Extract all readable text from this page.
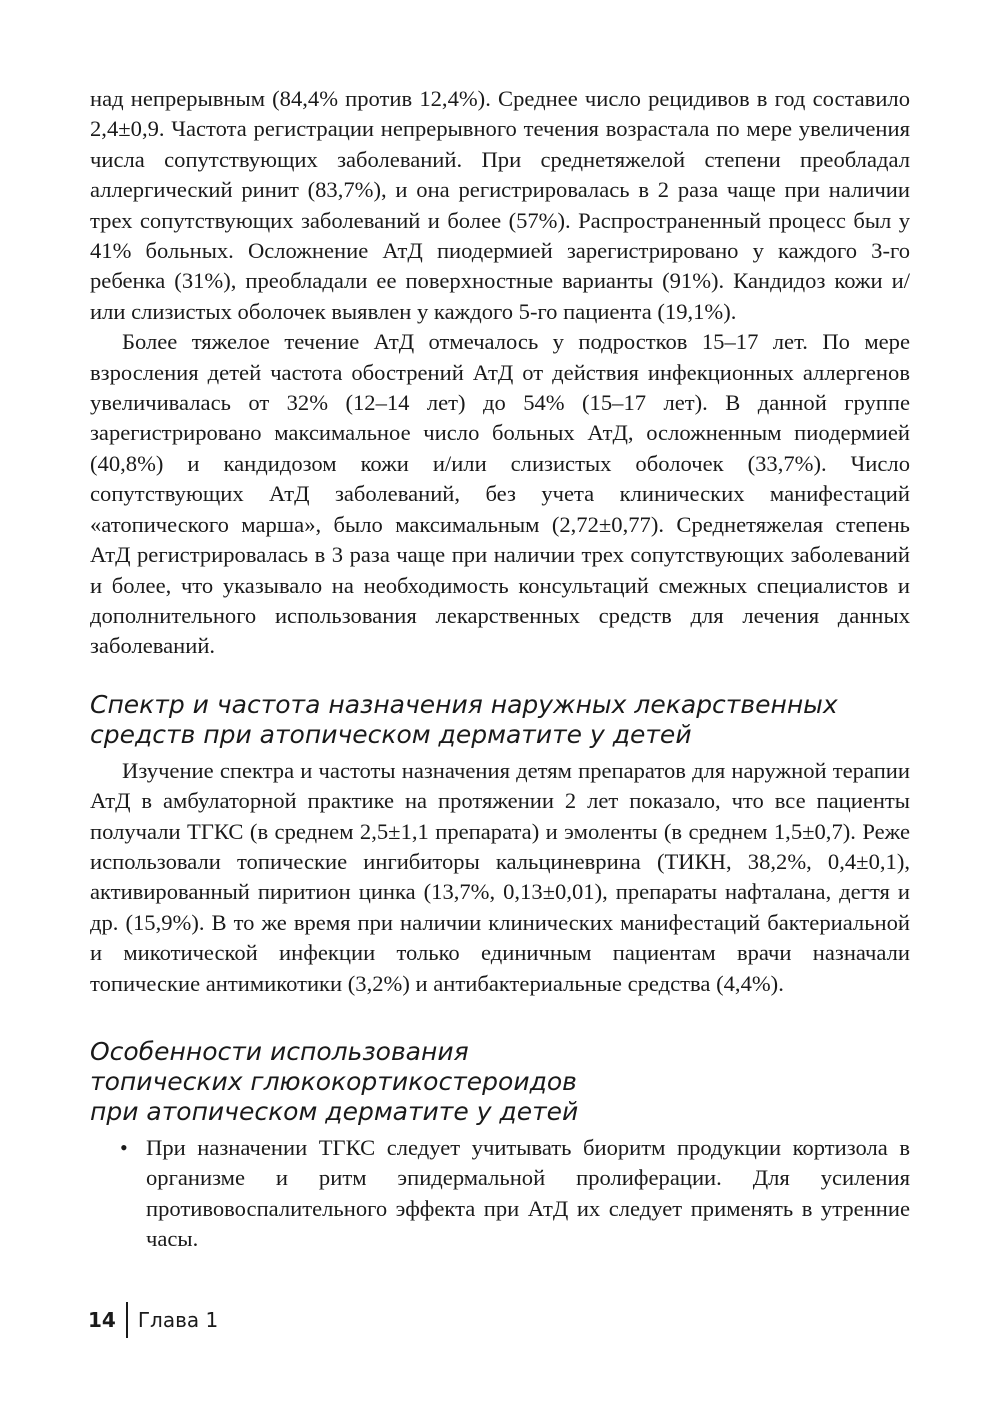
над непрерывным (84,4% против 12,4%). Среднее число рецидивов в год составило 2,4±0,9. Частота регистрации непрерывного течения возрастала по мере увеличения числа сопутствующих заболеваний. При среднетяжелой степени преобладал аллергический ринит (83,7%), и она регистрировалась в 2 раза чаще при наличии трех сопутствующих заболеваний и более (57%). Распространенный процесс был у 41% больных. Осложнение АтД пиодермией зарегистрировано у каждого 3-го ребенка (31%), преобладали ее поверхностные варианты (91%). Кандидоз кожи и/или слизистых оболочек выявлен у каждого 5-го пациента (19,1%).

Более тяжелое течение АтД отмечалось у подростков 15–17 лет. По мере взросления детей частота обострений АтД от действия инфекционных аллергенов увеличивалась от 32% (12–14 лет) до 54% (15–17 лет). В данной группе зарегистрировано максимальное число больных АтД, осложненным пиодермией (40,8%) и кандидозом кожи и/или слизистых оболочек (33,7%). Число сопутствующих АтД заболеваний, без учета клинических манифестаций «атопического марша», было максимальным (2,72±0,77). Среднетяжелая степень АтД регистрировалась в 3 раза чаще при наличии трех сопутствующих заболеваний и более, что указывало на необходимость консультаций смежных специалистов и дополнительного использования лекарственных средств для лечения данных заболеваний.

Спектр и частота назначения наружных лекарственных средств при атопическом дерматите у детей

Изучение спектра и частоты назначения детям препаратов для наружной терапии АтД в амбулаторной практике на протяжении 2 лет показало, что все пациенты получали ТГКС (в среднем 2,5±1,1 препарата) и эмоленты (в среднем 1,5±0,7). Реже использовали топические ингибиторы кальциневрина (ТИКН, 38,2%, 0,4±0,1), активированный пиритион цинка (13,7%, 0,13±0,01), препараты нафталана, дегтя и др. (15,9%). В то же время при наличии клинических манифестаций бактериальной и микотической инфекции только единичным пациентам врачи назначали топические антимикотики (3,2%) и антибактериальные средства (4,4%).

Особенности использования
топических глюкокортикостероидов
при атопическом дерматите у детей
• При назначении ТГКС следует учитывать биоритм продукции кортизола в организме и ритм эпидермальной пролиферации. Для усиления противовоспалительного эффекта при АтД их следует применять в утренние часы.

14	Глава 1
